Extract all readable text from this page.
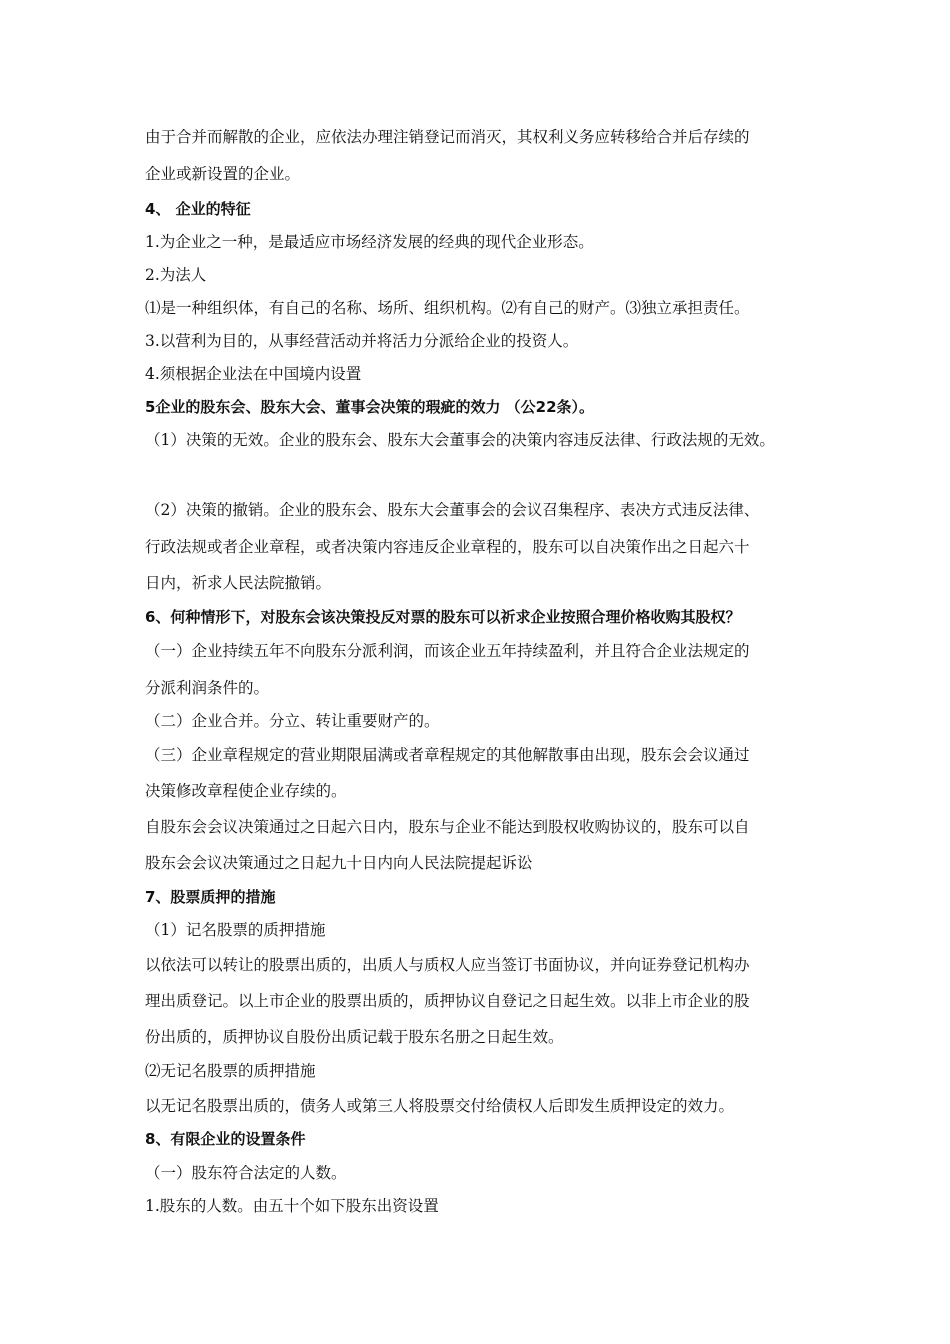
由于合并而解散的企业，应依法办理注销登记而消灭，其权利义务应转移给合并后存续的
企业或新设置的企业。
4、 企业的特征
1.为企业之一种，是最适应市场经济发展的经典的现代企业形态。
2.为法人
⑴是一种组织体，有自己的名称、场所、组织机构。⑵有自己的财产。⑶独立承担责任。
3.以营利为目的，从事经营活动并将活力分派给企业的投资人。
4.须根据企业法在中国境内设置
5企业的股东会、股东大会、董事会决策的瑕疵的效力 （公22条）。
（1）决策的无效。企业的股东会、股东大会董事会的决策内容违反法律、行政法规的无效。
（2）决策的撤销。企业的股东会、股东大会董事会的会议召集程序、表决方式违反法律、
行政法规或者企业章程，或者决策内容违反企业章程的，股东可以自决策作出之日起六十
日内，祈求人民法院撤销。
6、何种情形下，对股东会该决策投反对票的股东可以祈求企业按照合理价格收购其股权？
（一）企业持续五年不向股东分派利润，而该企业五年持续盈利，并且符合企业法规定的
分派利润条件的。
（二）企业合并。分立、转让重要财产的。
（三）企业章程规定的营业期限届满或者章程规定的其他解散事由出现，股东会会议通过
决策修改章程使企业存续的。
自股东会会议决策通过之日起六日内，股东与企业不能达到股权收购协议的，股东可以自
股东会会议决策通过之日起九十日内向人民法院提起诉讼
7、股票质押的措施
（1）记名股票的质押措施
以依法可以转让的股票出质的，出质人与质权人应当签订书面协议，并向证券登记机构办
理出质登记。以上市企业的股票出质的，质押协议自登记之日起生效。以非上市企业的股
份出质的，质押协议自股份出质记载于股东名册之日起生效。
⑵无记名股票的质押措施
以无记名股票出质的，债务人或第三人将股票交付给债权人后即发生质押设定的效力。
8、有限企业的设置条件
（一）股东符合法定的人数。
1.股东的人数。由五十个如下股东出资设置
